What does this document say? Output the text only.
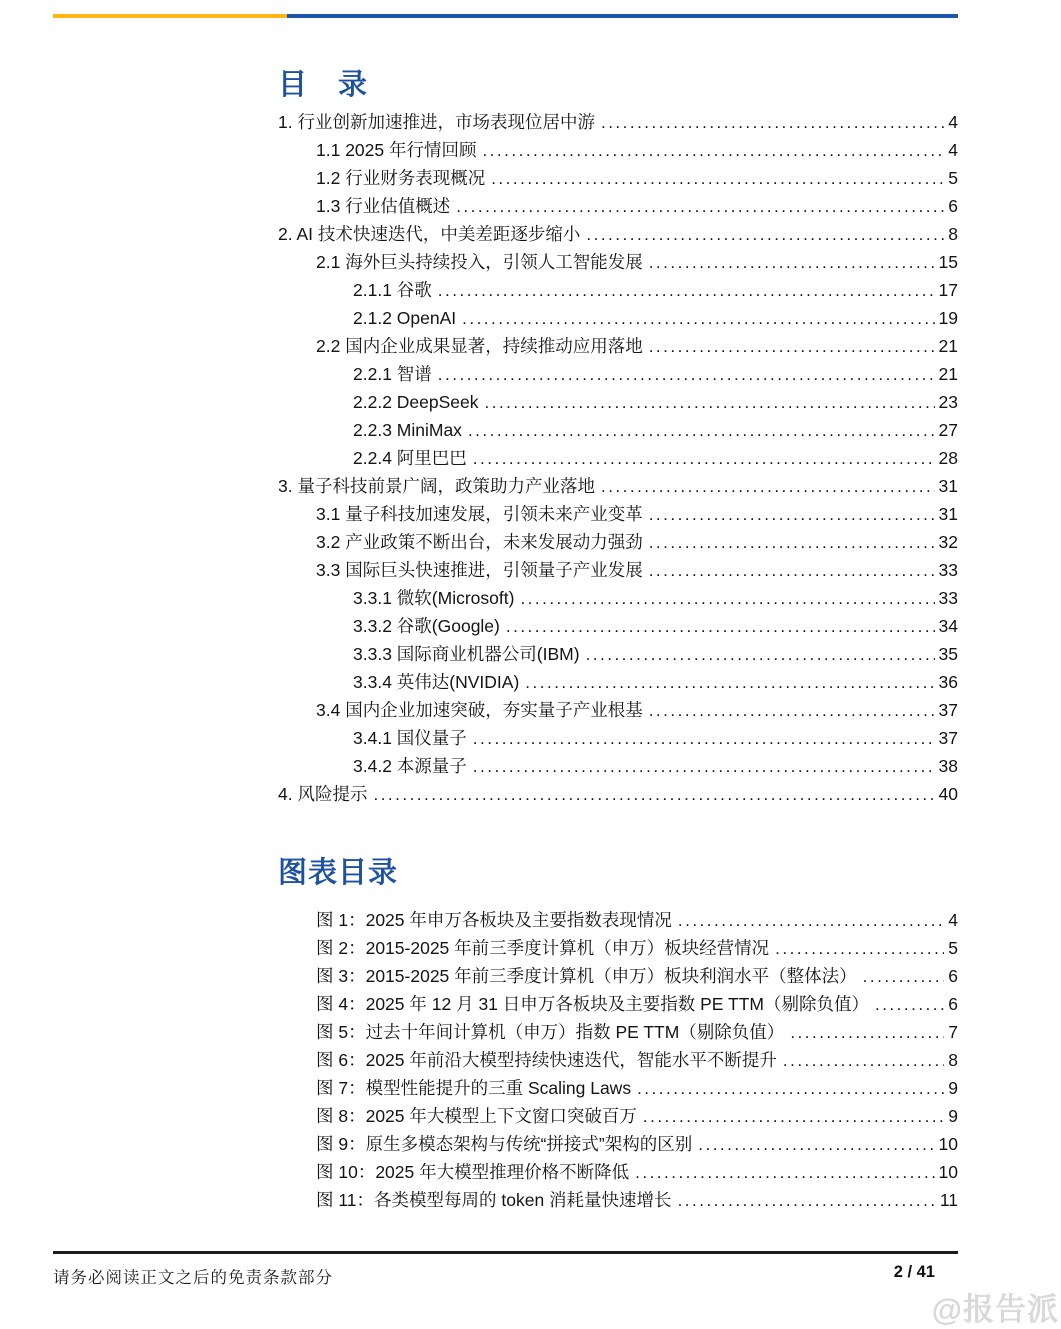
目　录
1. 行业创新加速推进，市场表现位居中游 .....	4
1.1 2025 年行情回顾 .....	4
1.2 行业财务表现概况 .....	5
1.3 行业估值概述 .....	6
2. AI 技术快速迭代，中美差距逐步缩小 .....	8
2.1 海外巨头持续投入，引领人工智能发展 .....	15
2.1.1 谷歌 .....	17
2.1.2 OpenAI .....	19
2.2 国内企业成果显著，持续推动应用落地 .....	21
2.2.1 智谱 .....	21
2.2.2 DeepSeek .....	23
2.2.3 MiniMax .....	27
2.2.4 阿里巴巴 .....	28
3. 量子科技前景广阔，政策助力产业落地 .....	31
3.1 量子科技加速发展，引领未来产业变革 .....	31
3.2 产业政策不断出台，未来发展动力强劲 .....	32
3.3 国际巨头快速推进，引领量子产业发展 .....	33
3.3.1 微软(Microsoft) .....	33
3.3.2 谷歌(Google) .....	34
3.3.3 国际商业机器公司(IBM) .....	35
3.3.4 英伟达(NVIDIA) .....	36
3.4 国内企业加速突破，夯实量子产业根基 .....	37
3.4.1 国仪量子 .....	37
3.4.2 本源量子 .....	38
4. 风险提示 .....	40
图表目录
图 1：2025 年申万各板块及主要指数表现情况 .....	4
图 2：2015-2025 年前三季度计算机（申万）板块经营情况 .....	5
图 3：2015-2025 年前三季度计算机（申万）板块利润水平（整体法） .....	6
图 4：2025 年 12 月 31 日申万各板块及主要指数 PE TTM（剔除负值） .....	6
图 5：过去十年间计算机（申万）指数 PE TTM（剔除负值） .....	7
图 6：2025 年前沿大模型持续快速迭代，智能水平不断提升 .....	8
图 7：模型性能提升的三重 Scaling Laws .....	9
图 8：2025 年大模型上下文窗口突破百万 .....	9
图 9：原生多模态架构与传统“拼接式”架构的区别 .....	10
图 10：2025 年大模型推理价格不断降低 .....	10
图 11：各类模型每周的 token 消耗量快速增长 .....	11
请务必阅读正文之后的免责条款部分	2 / 41
@报告派
